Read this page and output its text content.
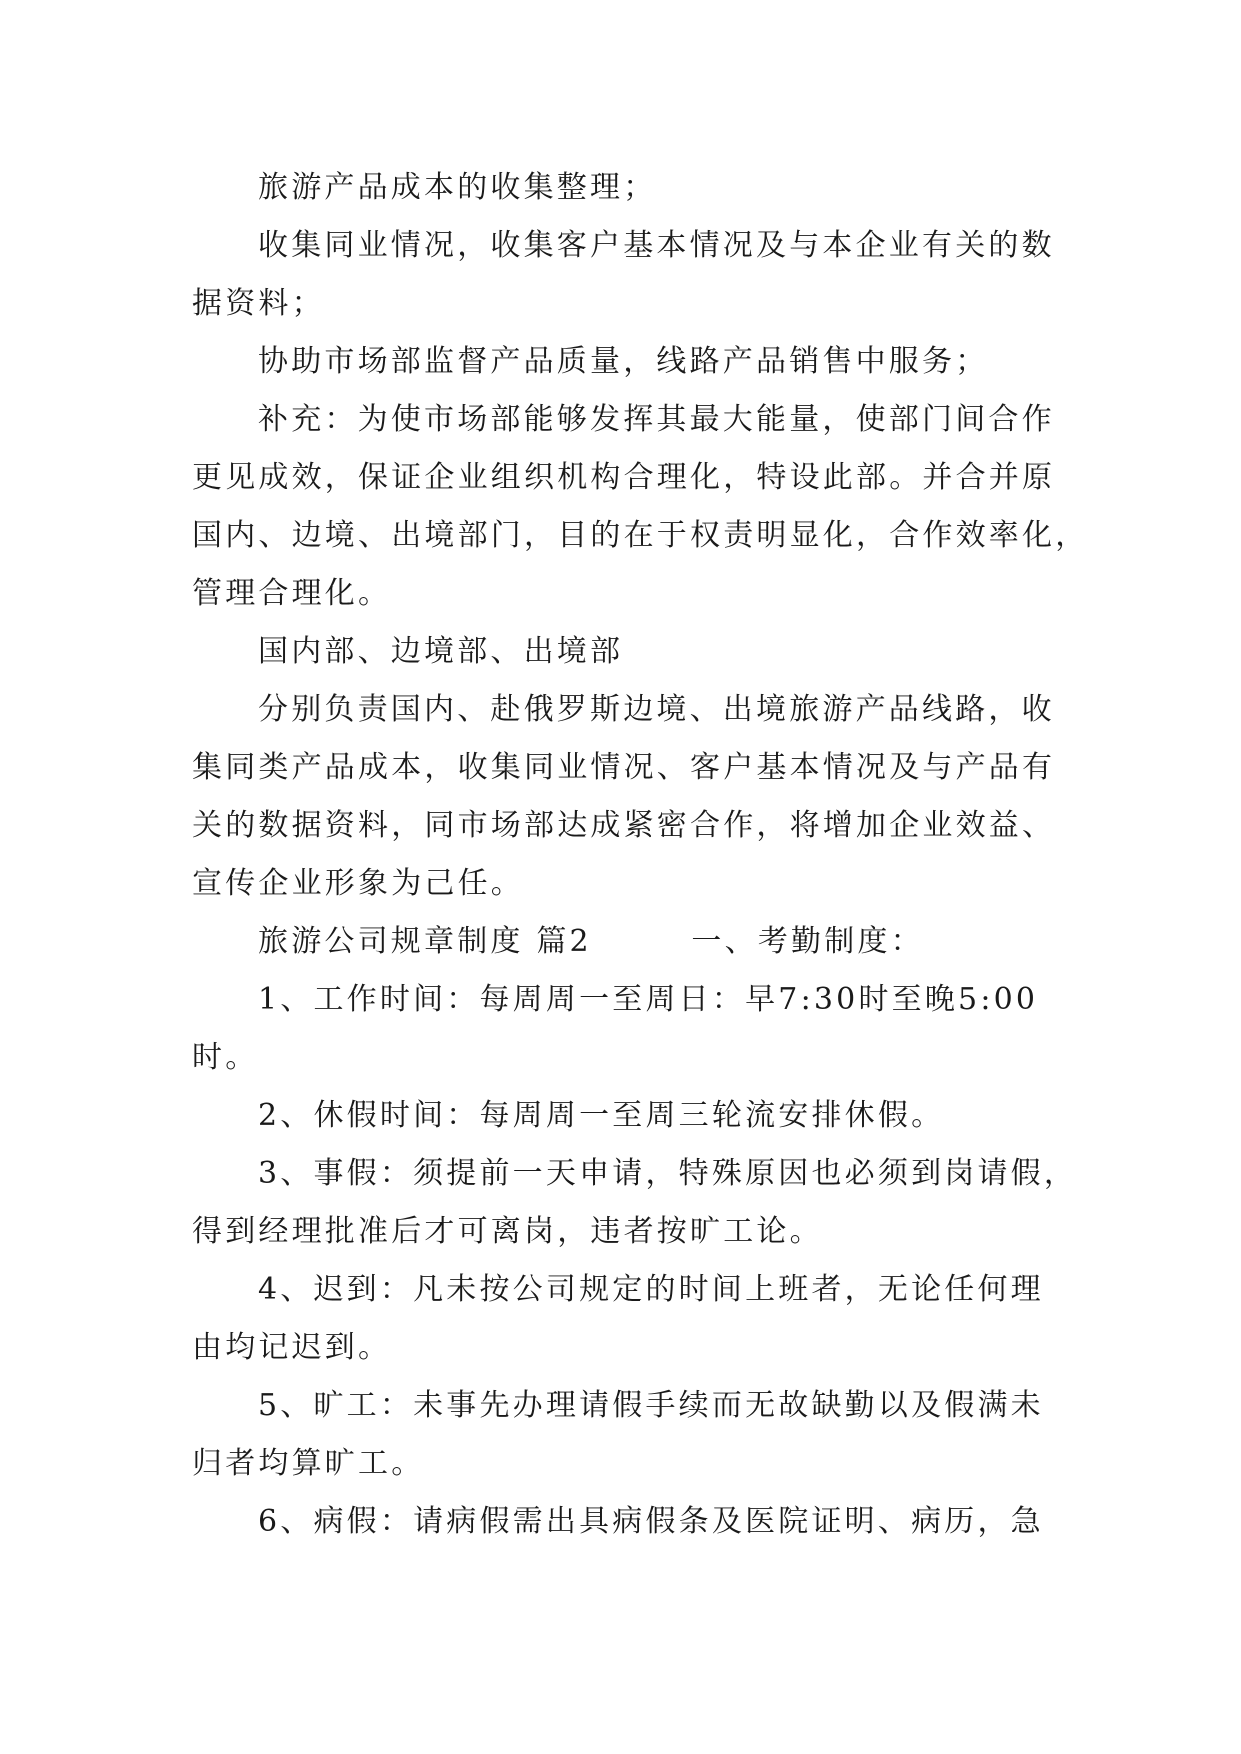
旅游产品成本的收集整理；
收集同业情况，收集客户基本情况及与本企业有关的数
据资料；
协助市场部监督产品质量，线路产品销售中服务；
补充：为使市场部能够发挥其最大能量，使部门间合作
更见成效，保证企业组织机构合理化，特设此部。并合并原
国内、边境、出境部门，目的在于权责明显化，合作效率化，
管理合理化。
国内部、边境部、出境部
分别负责国内、赴俄罗斯边境、出境旅游产品线路，收
集同类产品成本，收集同业情况、客户基本情况及与产品有
关的数据资料，同市场部达成紧密合作，将增加企业效益、
宣传企业形象为己任。
旅游公司规章制度 篇2　　　一、考勤制度：
1、工作时间：每周周一至周日：早7:30时至晚5:00
时。
2、休假时间：每周周一至周三轮流安排休假。
3、事假：须提前一天申请，特殊原因也必须到岗请假，
得到经理批准后才可离岗，违者按旷工论。
4、迟到：凡未按公司规定的时间上班者，无论任何理
由均记迟到。
5、旷工：未事先办理请假手续而无故缺勤以及假满未
归者均算旷工。
6、病假：请病假需出具病假条及医院证明、病历，急
